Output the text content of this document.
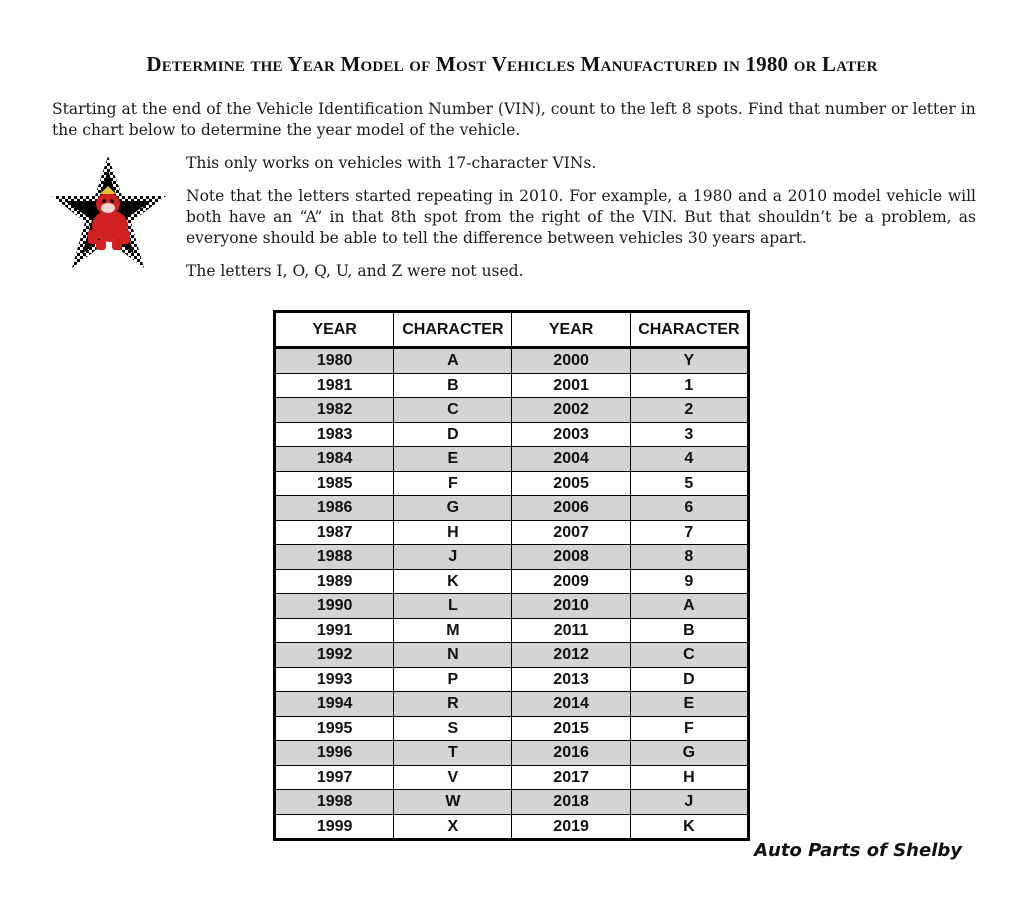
Determine the Year Model of Most Vehicles Manufactured in 1980 or Later
Starting at the end of the Vehicle Identification Number (VIN), count to the left 8 spots. Find that number or letter in the chart below to determine the year model of the vehicle.
This only works on vehicles with 17-character VINs.
Note that the letters started repeating in 2010. For example, a 1980 and a 2010 model vehicle will both have an “A” in that 8th spot from the right of the VIN. But that shouldn’t be a problem, as everyone should be able to tell the difference between vehicles 30 years apart.
The letters I, O, Q, U, and Z were not used.
YEAR	CHARACTER	YEAR	CHARACTER
1980	A	2000	Y
1981	B	2001	1
1982	C	2002	2
1983	D	2003	3
1984	E	2004	4
1985	F	2005	5
1986	G	2006	6
1987	H	2007	7
1988	J	2008	8
1989	K	2009	9
1990	L	2010	A
1991	M	2011	B
1992	N	2012	C
1993	P	2013	D
1994	R	2014	E
1995	S	2015	F
1996	T	2016	G
1997	V	2017	H
1998	W	2018	J
1999	X	2019	K
Auto Parts of Shelby
